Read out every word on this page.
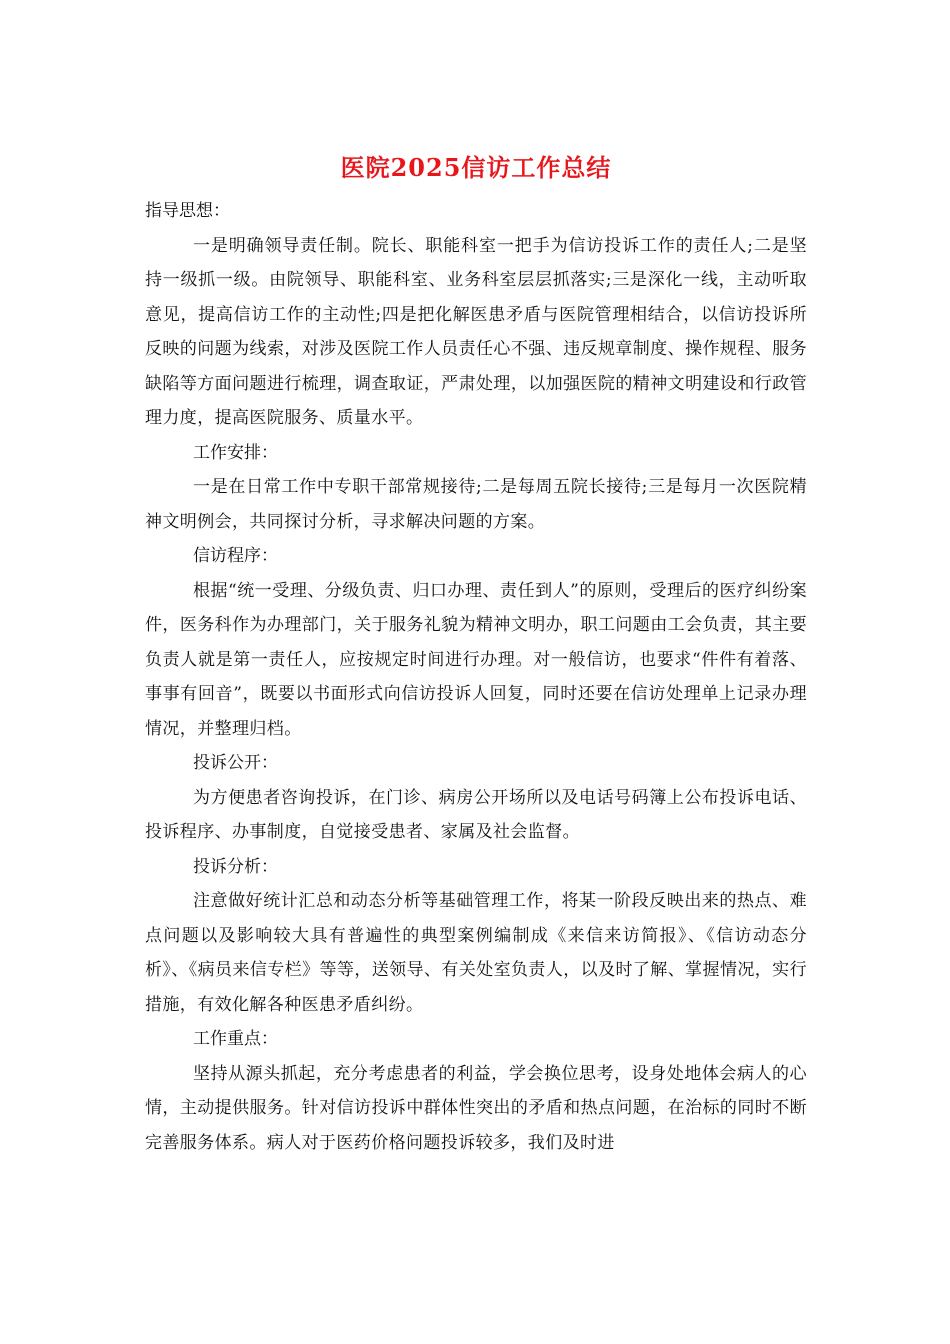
医院2025信访工作总结

指导思想：

一是明确领导责任制。院长、职能科室一把手为信访投诉工作的责任人;二是坚持一级抓一级。由院领导、职能科室、业务科室层层抓落实;三是深化一线，主动听取意见，提高信访工作的主动性;四是把化解医患矛盾与医院管理相结合，以信访投诉所反映的问题为线索，对涉及医院工作人员责任心不强、违反规章制度、操作规程、服务缺陷等方面问题进行梳理，调查取证，严肃处理，以加强医院的精神文明建设和行政管理力度，提高医院服务、质量水平。

工作安排：

一是在日常工作中专职干部常规接待;二是每周五院长接待;三是每月一次医院精神文明例会，共同探讨分析，寻求解决问题的方案。

信访程序：

根据“统一受理、分级负责、归口办理、责任到人”的原则，受理后的医疗纠纷案件，医务科作为办理部门，关于服务礼貌为精神文明办，职工问题由工会负责，其主要负责人就是第一责任人，应按规定时间进行办理。对一般信访，也要求“件件有着落、事事有回音”，既要以书面形式向信访投诉人回复，同时还要在信访处理单上记录办理情况，并整理归档。

投诉公开：

为方便患者咨询投诉，在门诊、病房公开场所以及电话号码簿上公布投诉电话、投诉程序、办事制度，自觉接受患者、家属及社会监督。

投诉分析：

注意做好统计汇总和动态分析等基础管理工作，将某一阶段反映出来的热点、难点问题以及影响较大具有普遍性的典型案例编制成《来信来访简报》、《信访动态分析》、《病员来信专栏》等等，送领导、有关处室负责人，以及时了解、掌握情况，实行措施，有效化解各种医患矛盾纠纷。

工作重点：

坚持从源头抓起，充分考虑患者的利益，学会换位思考，设身处地体会病人的心情，主动提供服务。针对信访投诉中群体性突出的矛盾和热点问题，在治标的同时不断完善服务体系。病人对于医药价格问题投诉较多，我们及时进
